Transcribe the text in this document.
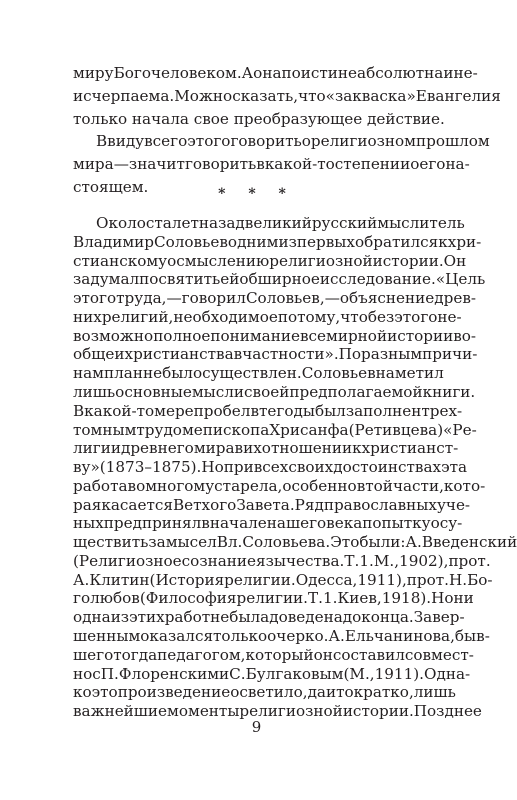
миру Богочеловеком. А она поистине абсолютна и не-
исчерпаема. Можно сказать, что «закваска» Евангелия
только начала свое преобразующее действие.
Ввиду всего этого говорить о религиозном прошлом
мира — значит говорить в какой-то степени и о его на-
стоящем.	* * *
Около ста лет назад великий русский мыслитель
Владимир Соловьев одним из первых обратился к хри-
стианскому осмыслению религиозной истории. Он
задумал посвятить ей обширное исследование. «Цель
этого труда, — говорил Соловьев, — объяснение древ-
них религий, необходимое потому, что без этого не-
возможно полное понимание всемирной истории во-
обще и христианства в частности». По разным причи-
нам план не был осуществлен. Соловьев наметил
лишь основные мысли своей предполагаемой книги.
В какой-то мере пробел в те годы был заполнен трех-
томным трудом епископа Хрисанфа (Ретивцева) «Ре-
лигии древнего мира в их отношении к христианст-
ву» (1873–1875). Но при всех своих достоинствах эта
работа во многом устарела, особенно в той части, кото-
рая касается Ветхого Завета. Ряд православных уче-
ных предпринял в начале нашего века попытку осу-
ществить замысел Вл. Соловьева. Это были: А. Введенский
(Религиозное сознание язычества. Т. 1. М., 1902), прот.
А. Клитин (История религии. Одесса, 1911), прот. Н. Бо-
голюбов (Философия религии. Т. 1. Киев, 1918). Но ни
одна из этих работ не была доведена до конца. Завер-
шенным оказался только очерк о. А. Ельчанинова, быв-
шего тогда педагогом, который он составил совмест-
но с П. Флоренским и С. Булгаковым (М., 1911). Одна-
ко это произведение осветило, да и то кратко, лишь
важнейшие моменты религиозной истории. Позднее
9
